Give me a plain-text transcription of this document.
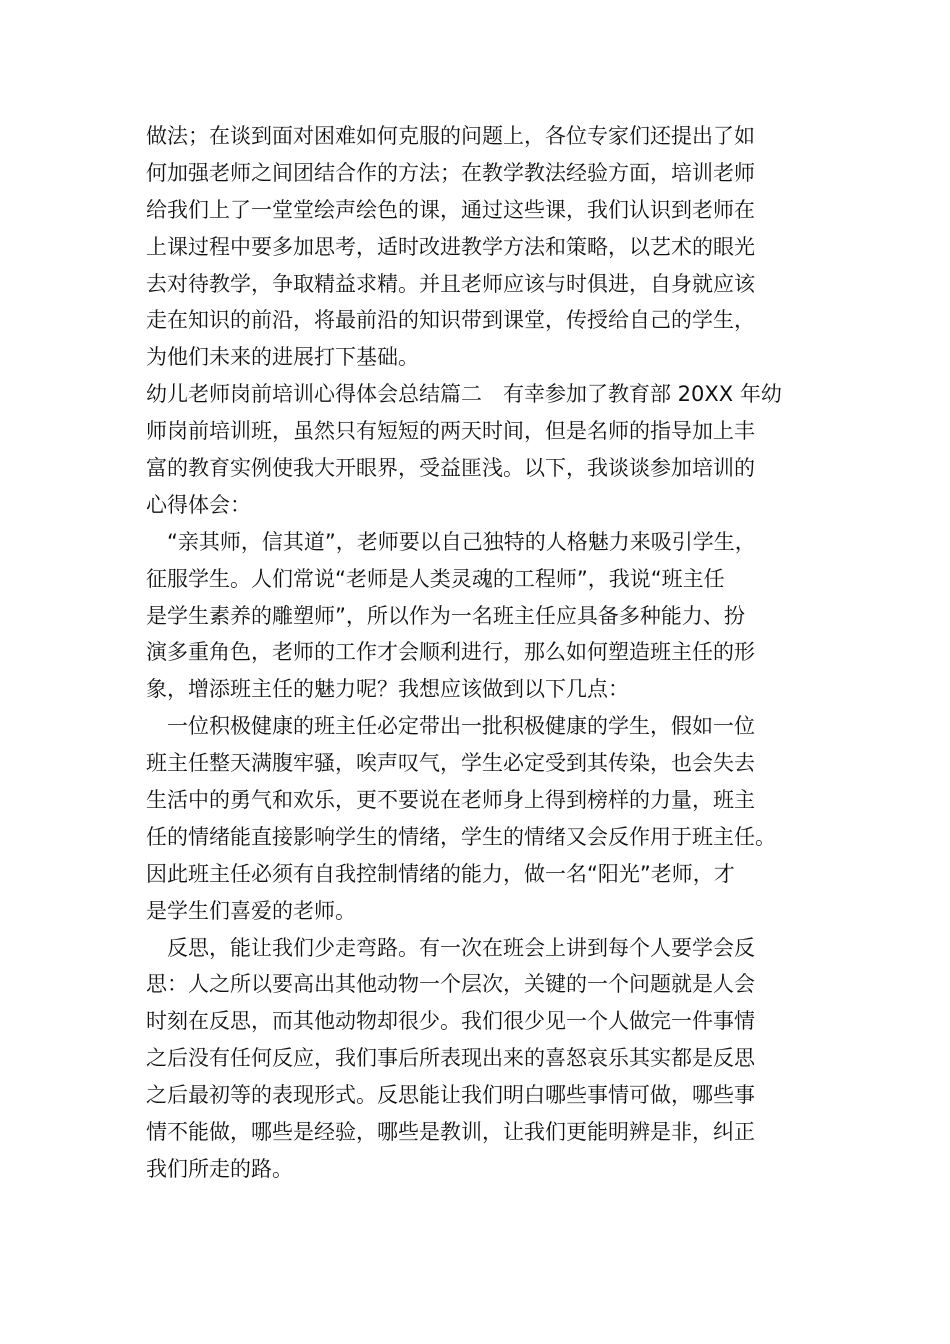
做法；在谈到面对困难如何克服的问题上，各位专家们还提出了如
何加强老师之间团结合作的方法；在教学教法经验方面，培训老师
给我们上了一堂堂绘声绘色的课，通过这些课，我们认识到老师在
上课过程中要多加思考，适时改进教学方法和策略，以艺术的眼光
去对待教学，争取精益求精。并且老师应该与时俱进，自身就应该
走在知识的前沿，将最前沿的知识带到课堂，传授给自己的学生，
为他们未来的进展打下基础。
幼儿老师岗前培训心得体会总结篇二　有幸参加了教育部 20XX 年幼
师岗前培训班，虽然只有短短的两天时间，但是名师的指导加上丰
富的教育实例使我大开眼界，受益匪浅。以下，我谈谈参加培训的
心得体会：
　“亲其师，信其道”，老师要以自己独特的人格魅力来吸引学生，
征服学生。人们常说“老师是人类灵魂的工程师”，我说“班主任
是学生素养的雕塑师”，所以作为一名班主任应具备多种能力、扮
演多重角色，老师的工作才会顺利进行，那么如何塑造班主任的形
象，增添班主任的魅力呢？我想应该做到以下几点：
　一位积极健康的班主任必定带出一批积极健康的学生，假如一位
班主任整天满腹牢骚，唉声叹气，学生必定受到其传染，也会失去
生活中的勇气和欢乐，更不要说在老师身上得到榜样的力量，班主
任的情绪能直接影响学生的情绪，学生的情绪又会反作用于班主任。
因此班主任必须有自我控制情绪的能力，做一名“阳光”老师，才
是学生们喜爱的老师。
　反思，能让我们少走弯路。有一次在班会上讲到每个人要学会反
思：人之所以要高出其他动物一个层次，关键的一个问题就是人会
时刻在反思，而其他动物却很少。我们很少见一个人做完一件事情
之后没有任何反应，我们事后所表现出来的喜怒哀乐其实都是反思
之后最初等的表现形式。反思能让我们明白哪些事情可做，哪些事
情不能做，哪些是经验，哪些是教训，让我们更能明辨是非，纠正
我们所走的路。
